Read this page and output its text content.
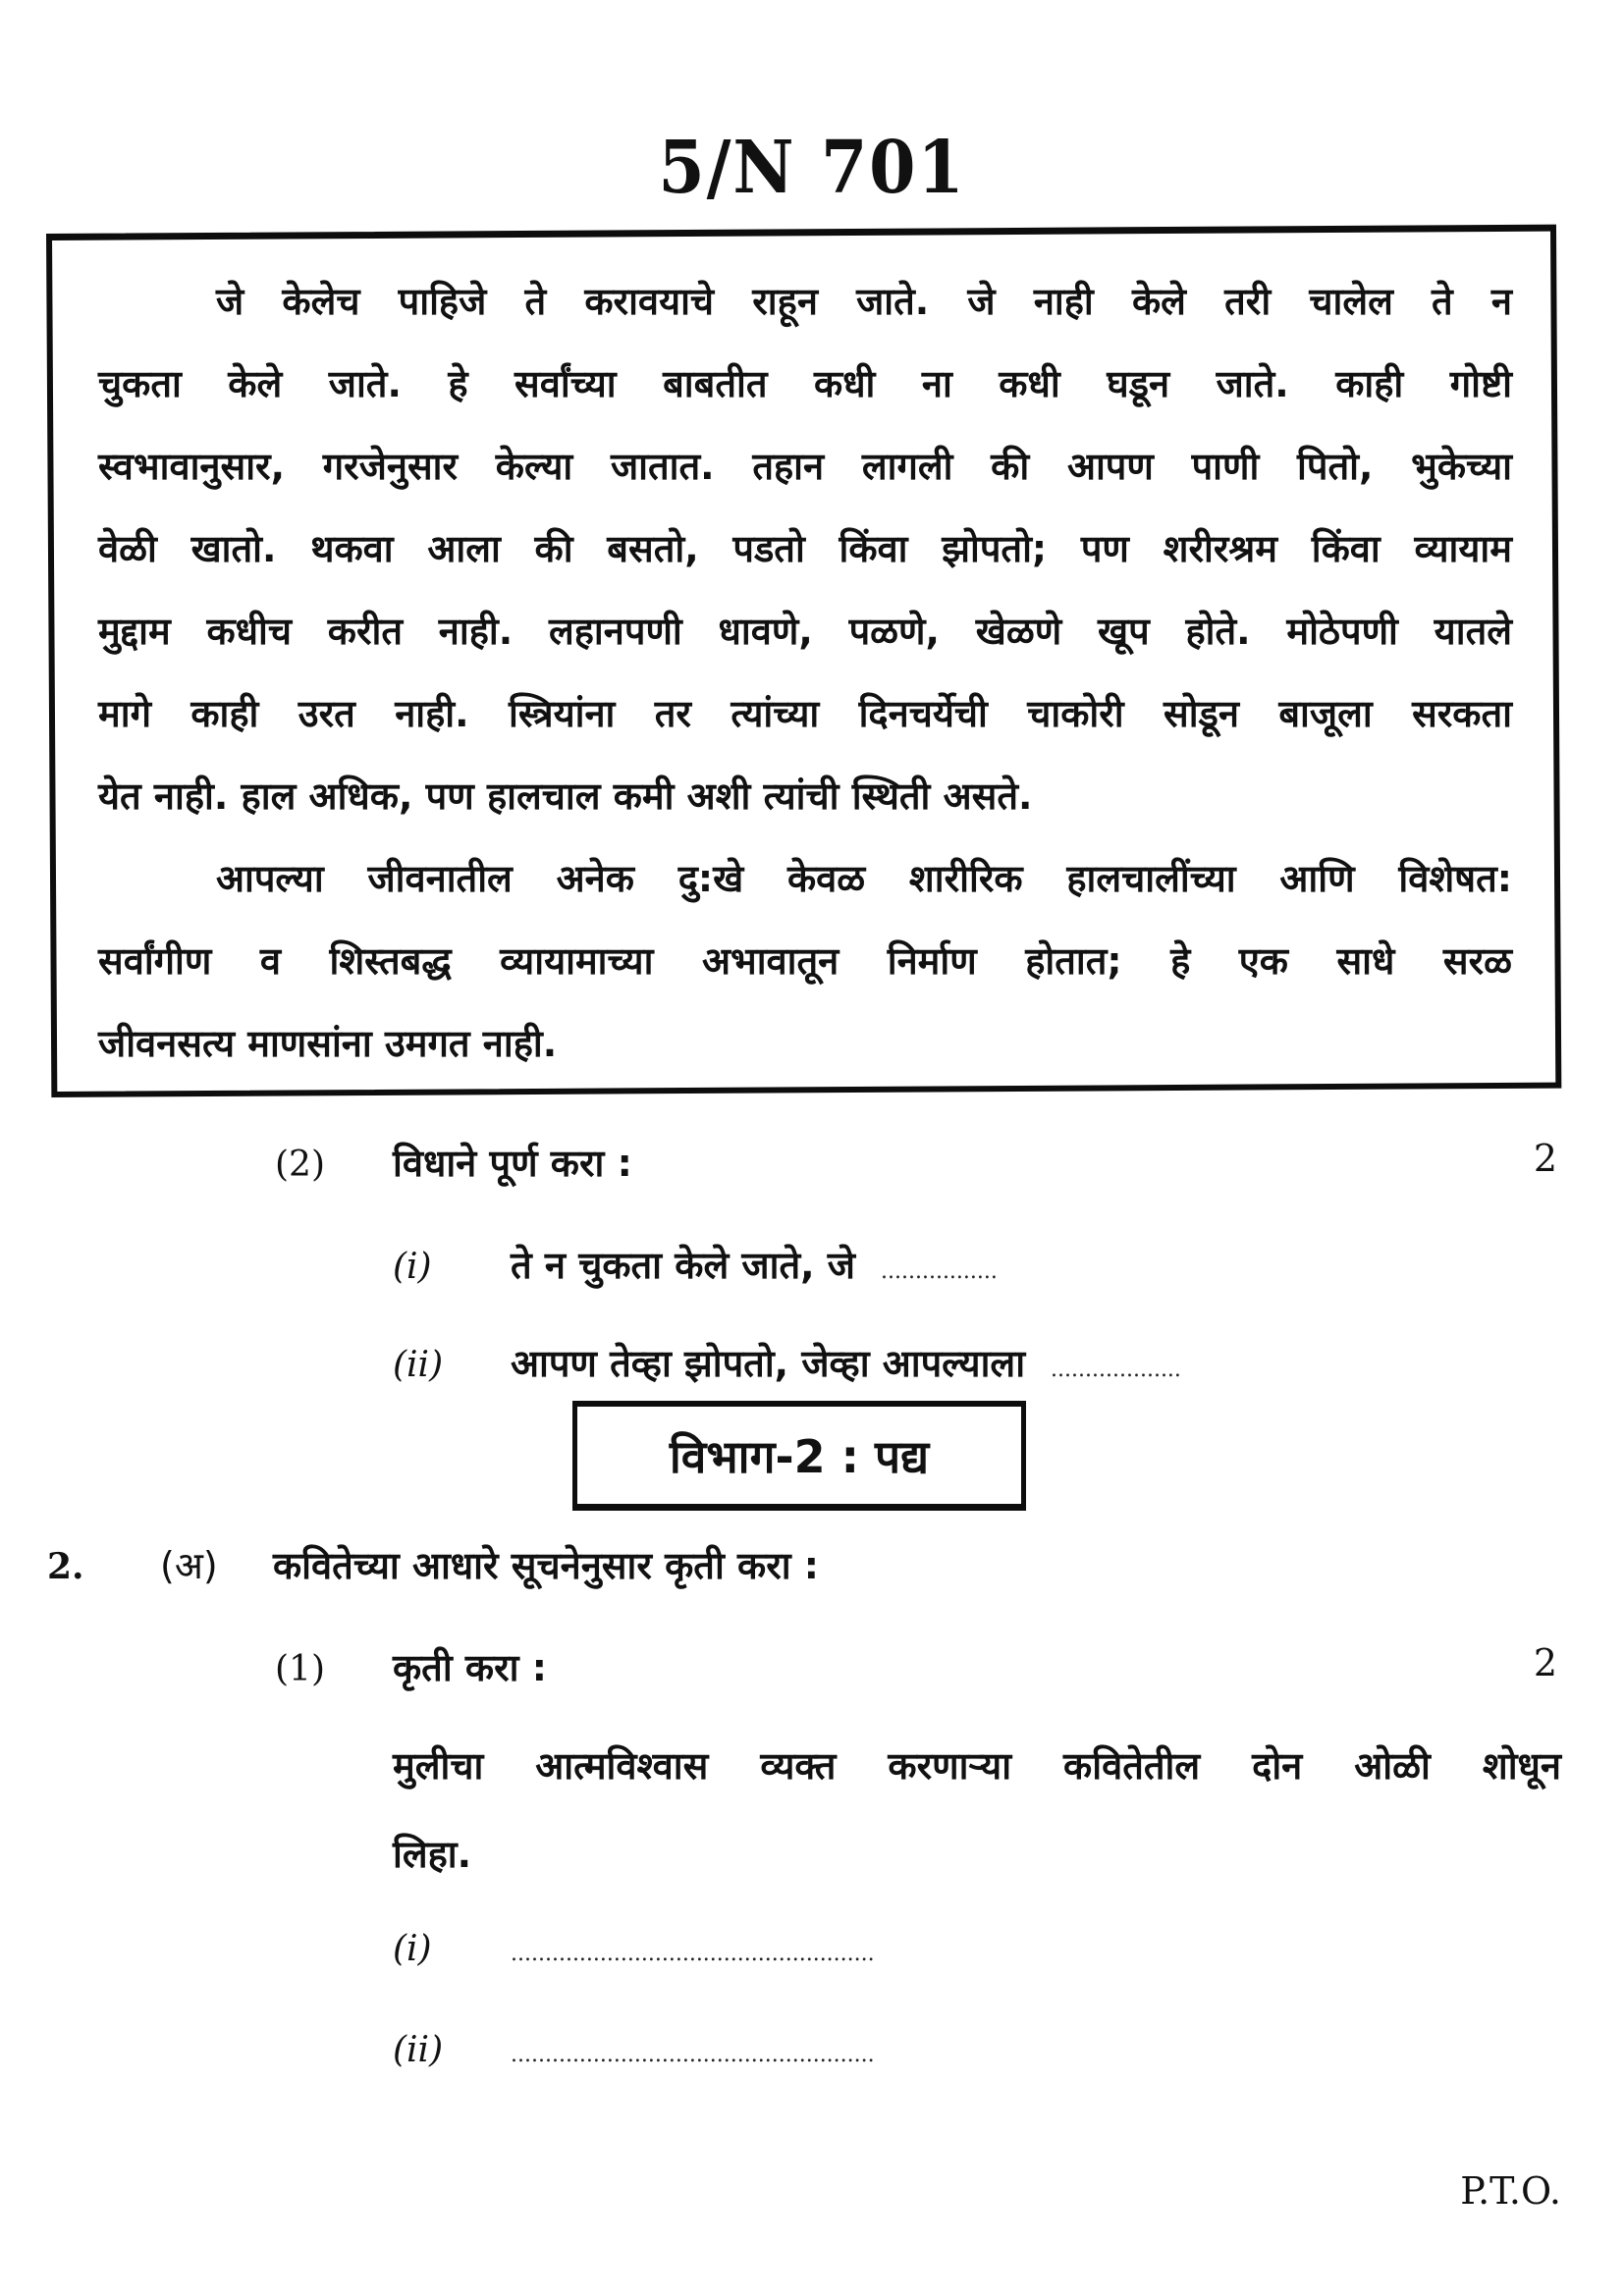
5/N 701
जे केलेच पाहिजे ते करावयाचे राहून जाते. जे नाही केले तरी चालेल ते न
चुकता केले जाते. हे सर्वांच्या बाबतीत कधी ना कधी घडून जाते. काही गोष्टी
स्वभावानुसार, गरजेनुसार केल्या जातात. तहान लागली की आपण पाणी पितो, भुकेच्या
वेळी खातो. थकवा आला की बसतो, पडतो किंवा झोपतो; पण शरीरश्रम किंवा व्यायाम
मुद्दाम कधीच करीत नाही. लहानपणी धावणे, पळणे, खेळणे खूप होते. मोठेपणी यातले
मागे काही उरत नाही. स्त्रियांना तर त्यांच्या दिनचर्येची चाकोरी सोडून बाजूला सरकता
येत नाही. हाल अधिक, पण हालचाल कमी अशी त्यांची स्थिती असते.
आपल्या जीवनातील अनेक दु:खे केवळ शारीरिक हालचालींच्या आणि विशेषत:
सर्वांगीण व शिस्तबद्ध व्यायामाच्या अभावातून निर्माण होतात; हे एक साधे सरळ
जीवनसत्य माणसांना उमगत नाही.
(2)	विधाने पूर्ण करा :	2
(i)	ते न चुकता केले जाते, जे .................
(ii)	आपण तेव्हा झोपतो, जेव्हा आपल्याला ...................
विभाग-2 : पद्य
2.	(अ)	कवितेच्या आधारे सूचनेनुसार कृती करा :
(1)	कृती करा :	2
मुलीचा आत्मविश्वास व्यक्त करणाऱ्या कवितेतील दोन ओळी शोधून
लिहा.
(i)	.....................................................
(ii)	.....................................................
P.T.O.
